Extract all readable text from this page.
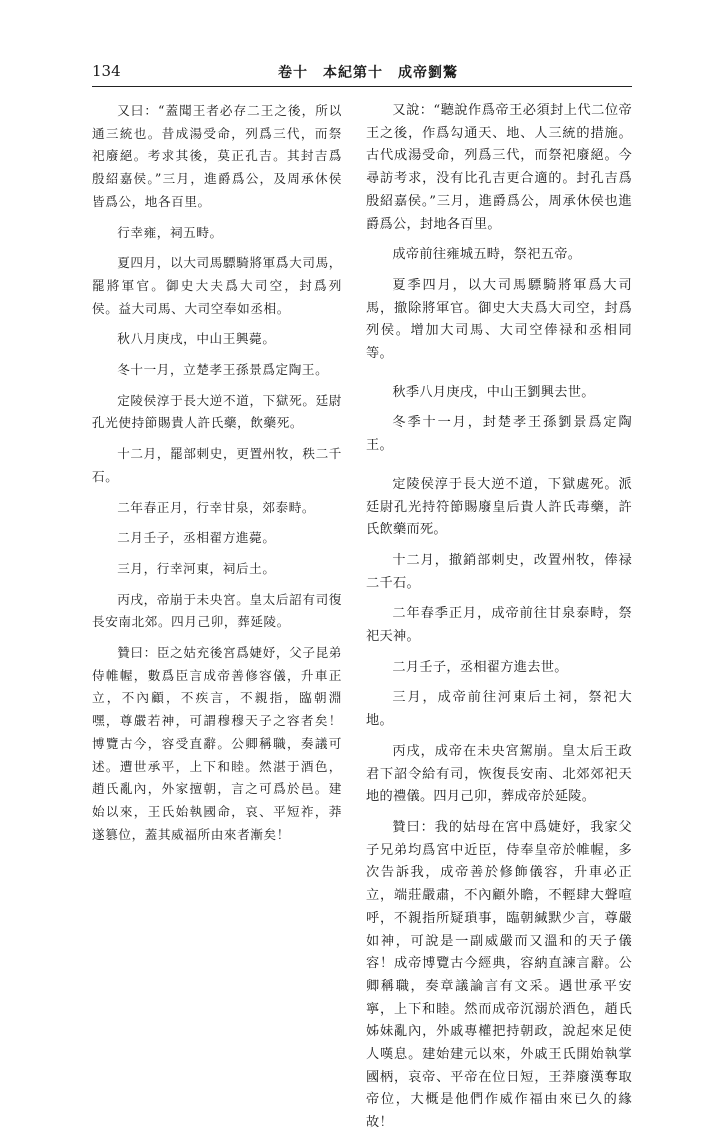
134	卷十　本紀第十　成帝劉驁

又曰：“蓋聞王者必存二王之後，所以通三統也。昔成湯受命，列爲三代，而祭祀廢絕。考求其後，莫正孔吉。其封吉爲殷紹嘉侯。”三月，進爵爲公，及周承休侯皆爲公，地各百里。

行幸雍，祠五畤。

夏四月，以大司馬驃騎將軍爲大司馬，罷將軍官。御史大夫爲大司空，封爲列侯。益大司馬、大司空奉如丞相。

秋八月庚戌，中山王興薨。

冬十一月，立楚孝王孫景爲定陶王。

定陵侯淳于長大逆不道，下獄死。廷尉孔光使持節賜貴人許氏藥，飲藥死。

十二月，罷部刺史，更置州牧，秩二千石。

二年春正月，行幸甘泉，郊泰畤。

二月壬子，丞相翟方進薨。

三月，行幸河東，祠后土。

丙戌，帝崩于未央宮。皇太后詔有司復長安南北郊。四月己卯，葬延陵。

贊曰：臣之姑充後宮爲婕妤，父子昆弟侍帷幄，數爲臣言成帝善修容儀，升車正立，不內顧，不疾言，不親指，臨朝淵嘿，尊嚴若神，可謂穆穆天子之容者矣！博覽古今，容受直辭。公卿稱職，奏議可述。遭世承平，上下和睦。然湛于酒色，趙氏亂內，外家擅朝，言之可爲於邑。建始以來，王氏始執國命，哀、平短祚，莽遂篡位，蓋其威福所由來者漸矣！

又說：“聽說作爲帝王必須封上代二位帝王之後，作爲勾通天、地、人三統的措施。古代成湯受命，列爲三代，而祭祀廢絕。今尋訪考求，没有比孔吉更合適的。封孔吉爲殷紹嘉侯。”三月，進爵爲公，周承休侯也進爵爲公，封地各百里。

成帝前往雍城五畤，祭祀五帝。

夏季四月，以大司馬驃騎將軍爲大司馬，撤除將軍官。御史大夫爲大司空，封爲列侯。增加大司馬、大司空俸禄和丞相同等。

秋季八月庚戌，中山王劉興去世。

冬季十一月，封楚孝王孫劉景爲定陶王。

定陵侯淳于長大逆不道，下獄處死。派廷尉孔光持符節賜廢皇后貴人許氏毒藥，許氏飲藥而死。

十二月，撤銷部刺史，改置州牧，俸禄二千石。

二年春季正月，成帝前往甘泉泰畤，祭祀天神。

二月壬子，丞相翟方進去世。

三月，成帝前往河東后土祠，祭祀大地。

丙戌，成帝在未央宮駕崩。皇太后王政君下詔令給有司，恢復長安南、北郊郊祀天地的禮儀。四月己卯，葬成帝於延陵。

贊曰：我的姑母在宮中爲婕妤，我家父子兄弟均爲宮中近臣，侍奉皇帝於帷幄，多次告訴我，成帝善於修飾儀容，升車必正立，端莊嚴肅，不內顧外瞻，不輕肆大聲喧呼，不親指所疑瑣事，臨朝緘默少言，尊嚴如神，可說是一副威嚴而又溫和的天子儀容！成帝博覽古今經典，容納直諫言辭。公卿稱職，奏章議論言有文采。遇世承平安寧，上下和睦。然而成帝沉溺於酒色，趙氏姊妹亂內，外戚專權把持朝政，說起來足使人嘆息。建始建元以來，外戚王氏開始執掌國柄，哀帝、平帝在位日短，王莽廢漢奪取帝位，大概是他們作威作福由來已久的緣故！
